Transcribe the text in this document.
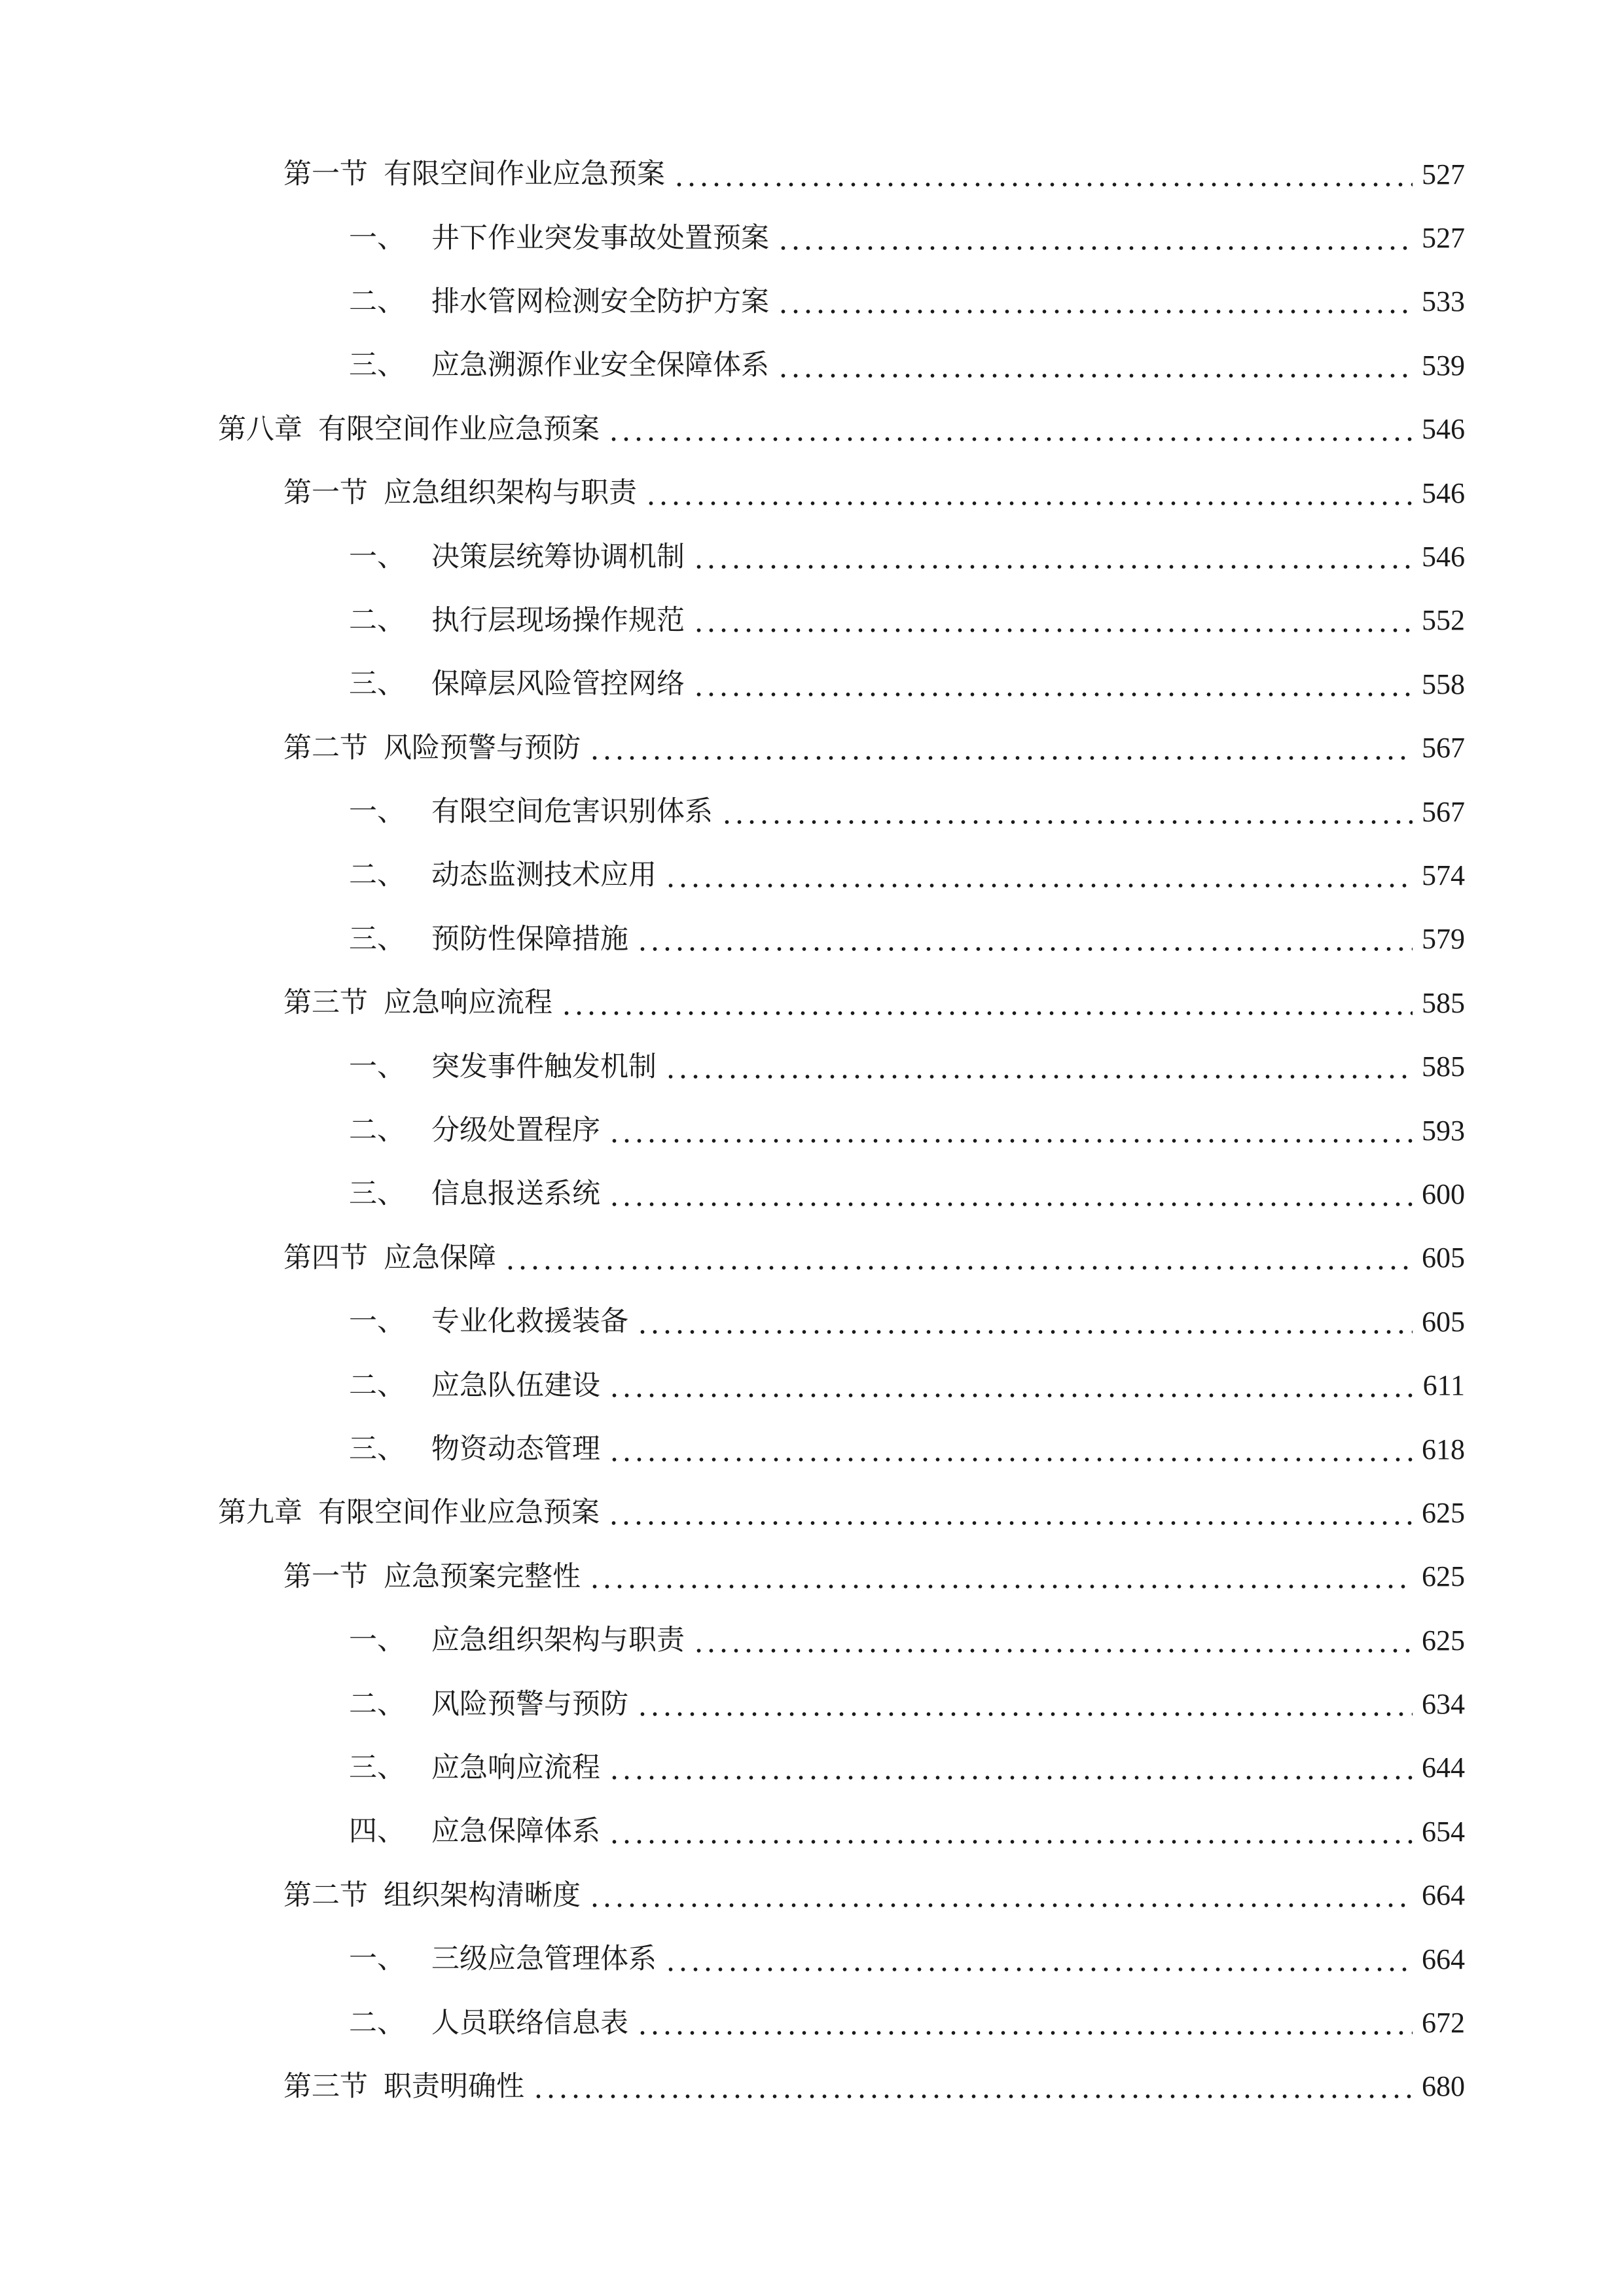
第一节 有限空间作业应急预案	527
一、 井下作业突发事故处置预案	527
二、 排水管网检测安全防护方案	533
三、 应急溯源作业安全保障体系	539
第八章 有限空间作业应急预案	546
第一节 应急组织架构与职责	546
一、 决策层统筹协调机制	546
二、 执行层现场操作规范	552
三、 保障层风险管控网络	558
第二节 风险预警与预防	567
一、 有限空间危害识别体系	567
二、 动态监测技术应用	574
三、 预防性保障措施	579
第三节 应急响应流程	585
一、 突发事件触发机制	585
二、 分级处置程序	593
三、 信息报送系统	600
第四节 应急保障	605
一、 专业化救援装备	605
二、 应急队伍建设	611
三、 物资动态管理	618
第九章 有限空间作业应急预案	625
第一节 应急预案完整性	625
一、 应急组织架构与职责	625
二、 风险预警与预防	634
三、 应急响应流程	644
四、 应急保障体系	654
第二节 组织架构清晰度	664
一、 三级应急管理体系	664
二、 人员联络信息表	672
第三节 职责明确性	680
